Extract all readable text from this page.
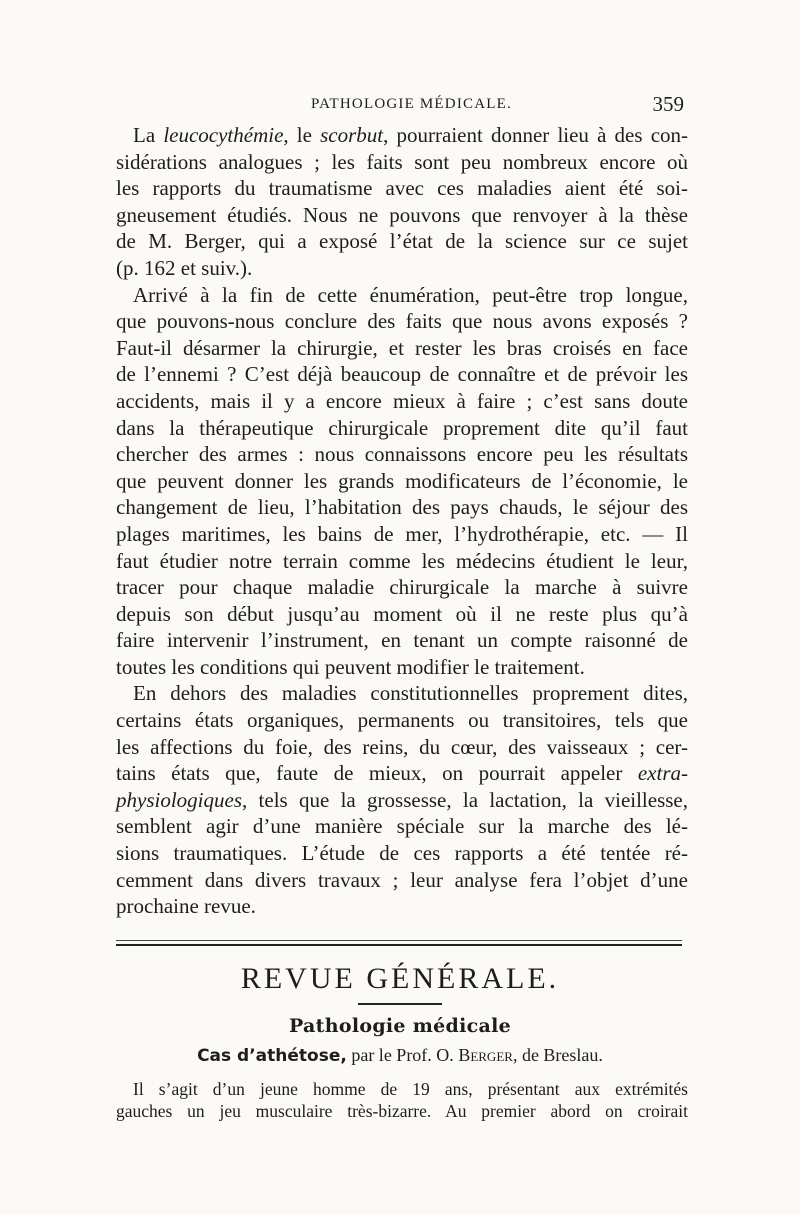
PATHOLOGIE MÉDICALE.	359
La leucocythémie, le scorbut, pourraient donner lieu à des con-
sidérations analogues ; les faits sont peu nombreux encore où
les rapports du traumatisme avec ces maladies aient été soi-
gneusement étudiés. Nous ne pouvons que renvoyer à la thèse
de M. Berger, qui a exposé l’état de la science sur ce sujet
(p. 162 et suiv.).
Arrivé à la fin de cette énumération, peut-être trop longue,
que pouvons-nous conclure des faits que nous avons exposés ?
Faut-il désarmer la chirurgie, et rester les bras croisés en face
de l’ennemi ? C’est déjà beaucoup de connaître et de prévoir les
accidents, mais il y a encore mieux à faire ; c’est sans doute
dans la thérapeutique chirurgicale proprement dite qu’il faut
chercher des armes : nous connaissons encore peu les résultats
que peuvent donner les grands modificateurs de l’économie, le
changement de lieu, l’habitation des pays chauds, le séjour des
plages maritimes, les bains de mer, l’hydrothérapie, etc. — Il
faut étudier notre terrain comme les médecins étudient le leur,
tracer pour chaque maladie chirurgicale la marche à suivre
depuis son début jusqu’au moment où il ne reste plus qu’à
faire intervenir l’instrument, en tenant un compte raisonné de
toutes les conditions qui peuvent modifier le traitement.
En dehors des maladies constitutionnelles proprement dites,
certains états organiques, permanents ou transitoires, tels que
les affections du foie, des reins, du cœur, des vaisseaux ; cer-
tains états que, faute de mieux, on pourrait appeler extra-
physiologiques, tels que la grossesse, la lactation, la vieillesse,
semblent agir d’une manière spéciale sur la marche des lé-
sions traumatiques. L’étude de ces rapports a été tentée ré-
cemment dans divers travaux ; leur analyse fera l’objet d’une
prochaine revue.
REVUE GÉNÉRALE.
Pathologie médicale
Cas d’athétose, par le Prof. O. Berger, de Breslau.
Il s’agit d’un jeune homme de 19 ans, présentant aux extrémités
gauches un jeu musculaire très-bizarre. Au premier abord on croirait
